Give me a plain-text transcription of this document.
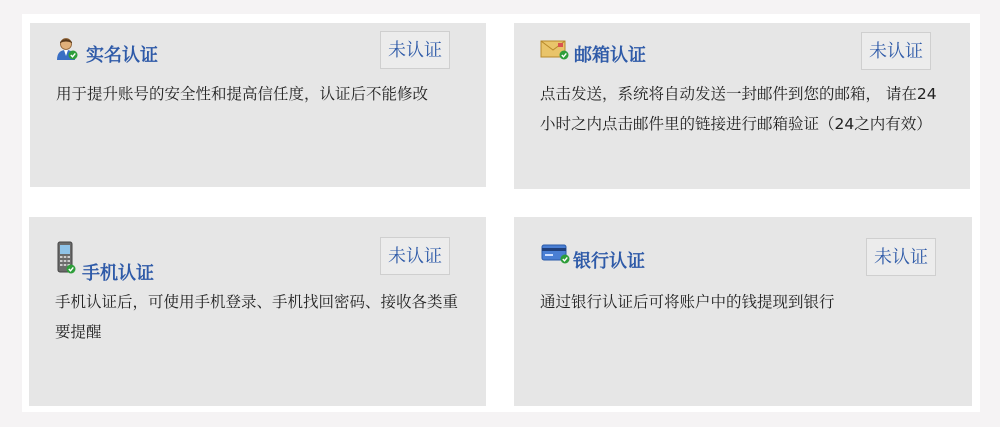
实名认证	未认证

用于提升账号的安全性和提高信任度，认证后不能修改

邮箱认证	未认证

点击发送，系统将自动发送一封邮件到您的邮箱， 请在24小时之内点击邮件里的链接进行邮箱验证（24之内有效）

手机认证
未认证

手机认证后，可使用手机登录、手机找回密码、接收各类重要提醒

银行认证	未认证

通过银行认证后可将账户中的钱提现到银行
